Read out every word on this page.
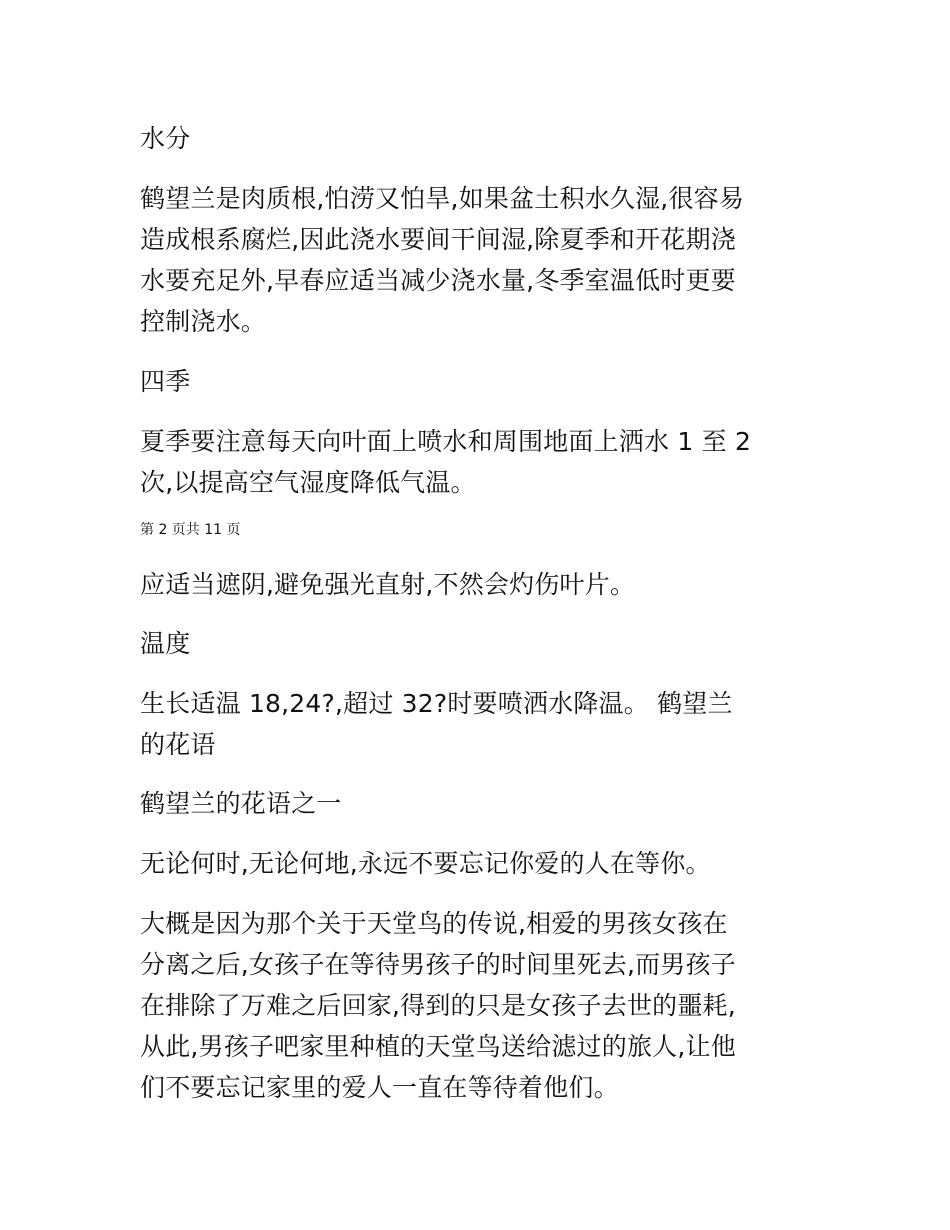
水分
鹤望兰是肉质根,怕涝又怕旱,如果盆土积水久湿,很容易
造成根系腐烂,因此浇水要间干间湿,除夏季和开花期浇
水要充足外,早春应适当减少浇水量,冬季室温低时更要
控制浇水。
四季
夏季要注意每天向叶面上喷水和周围地面上洒水 1 至 2
次,以提高空气湿度降低气温。
第 2 页共 11 页
应适当遮阴,避免强光直射,不然会灼伤叶片。
温度
生长适温 18,24?,超过 32?时要喷洒水降温。 鹤望兰
的花语
鹤望兰的花语之一
无论何时,无论何地,永远不要忘记你爱的人在等你。
大概是因为那个关于天堂鸟的传说,相爱的男孩女孩在
分离之后,女孩子在等待男孩子的时间里死去,而男孩子
在排除了万难之后回家,得到的只是女孩子去世的噩耗,
从此,男孩子吧家里种植的天堂鸟送给滤过的旅人,让他
们不要忘记家里的爱人一直在等待着他们。
